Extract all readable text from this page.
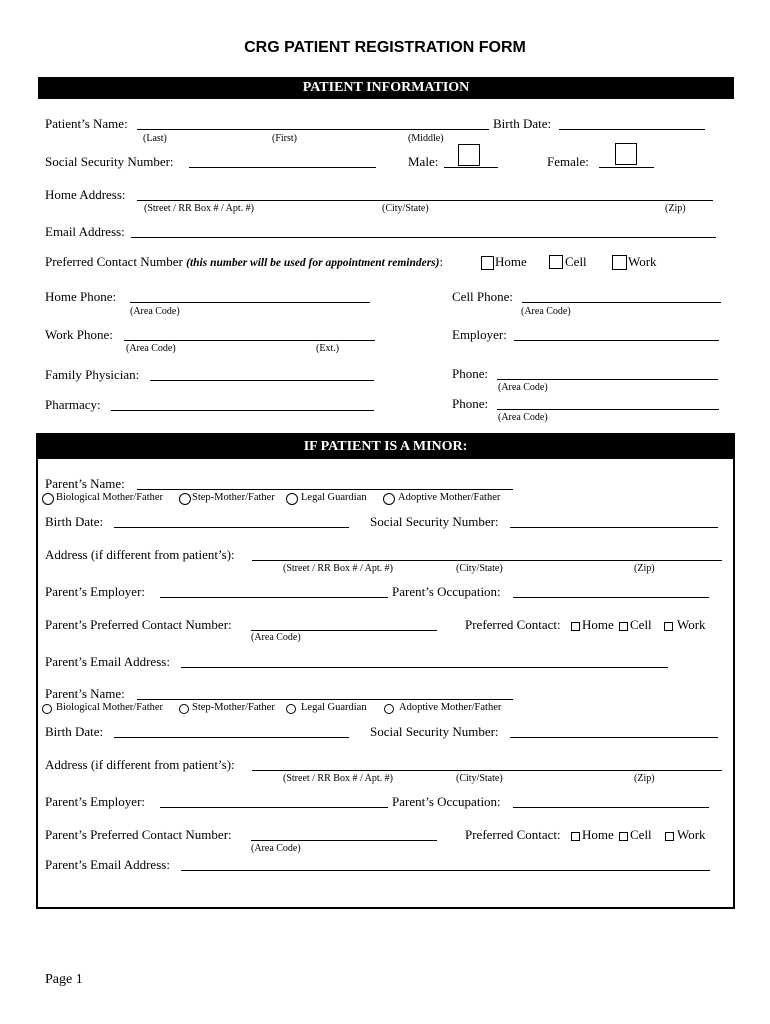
CRG PATIENT REGISTRATION FORM
PATIENT INFORMATION
Patient’s Name:	Birth Date:
(Last)	(First)	(Middle)
Social Security Number:	Male:	Female:
Home Address:
(Street / RR Box # / Apt. #)	(City/State)	(Zip)
Email Address:
Preferred Contact Number (this number will be used for appointment reminders):	Home	Cell	Work
Home Phone:
(Area Code)
Cell Phone:
(Area Code)
Work Phone:
(Area Code)	(Ext.)
Employer:
Family Physician:	Phone:
(Area Code)
Pharmacy:	Phone:
(Area Code)
IF PATIENT IS A MINOR:
Parent’s Name:
Biological Mother/Father	Step-Mother/Father Legal Guardian	Adoptive Mother/Father
Birth Date:	Social Security Number:
Address (if different from patient’s):
(Street / RR Box # / Apt. #)	(City/State)	(Zip)
Parent’s Employer:	Parent’s Occupation:
Parent’s Preferred Contact Number:
(Area Code)
Preferred Contact: Home Cell Work
Parent’s Email Address:
Parent’s Name:
Biological Mother/Father	Step-Mother/Father Legal Guardian	Adoptive Mother/Father
Birth Date:	Social Security Number:
Address (if different from patient’s):
(Street / RR Box # / Apt. #)	(City/State)	(Zip)
Parent’s Employer:	Parent’s Occupation:
Parent’s Preferred Contact Number:
(Area Code)
Preferred Contact: Home Cell Work
Parent’s Email Address:
Page 1
